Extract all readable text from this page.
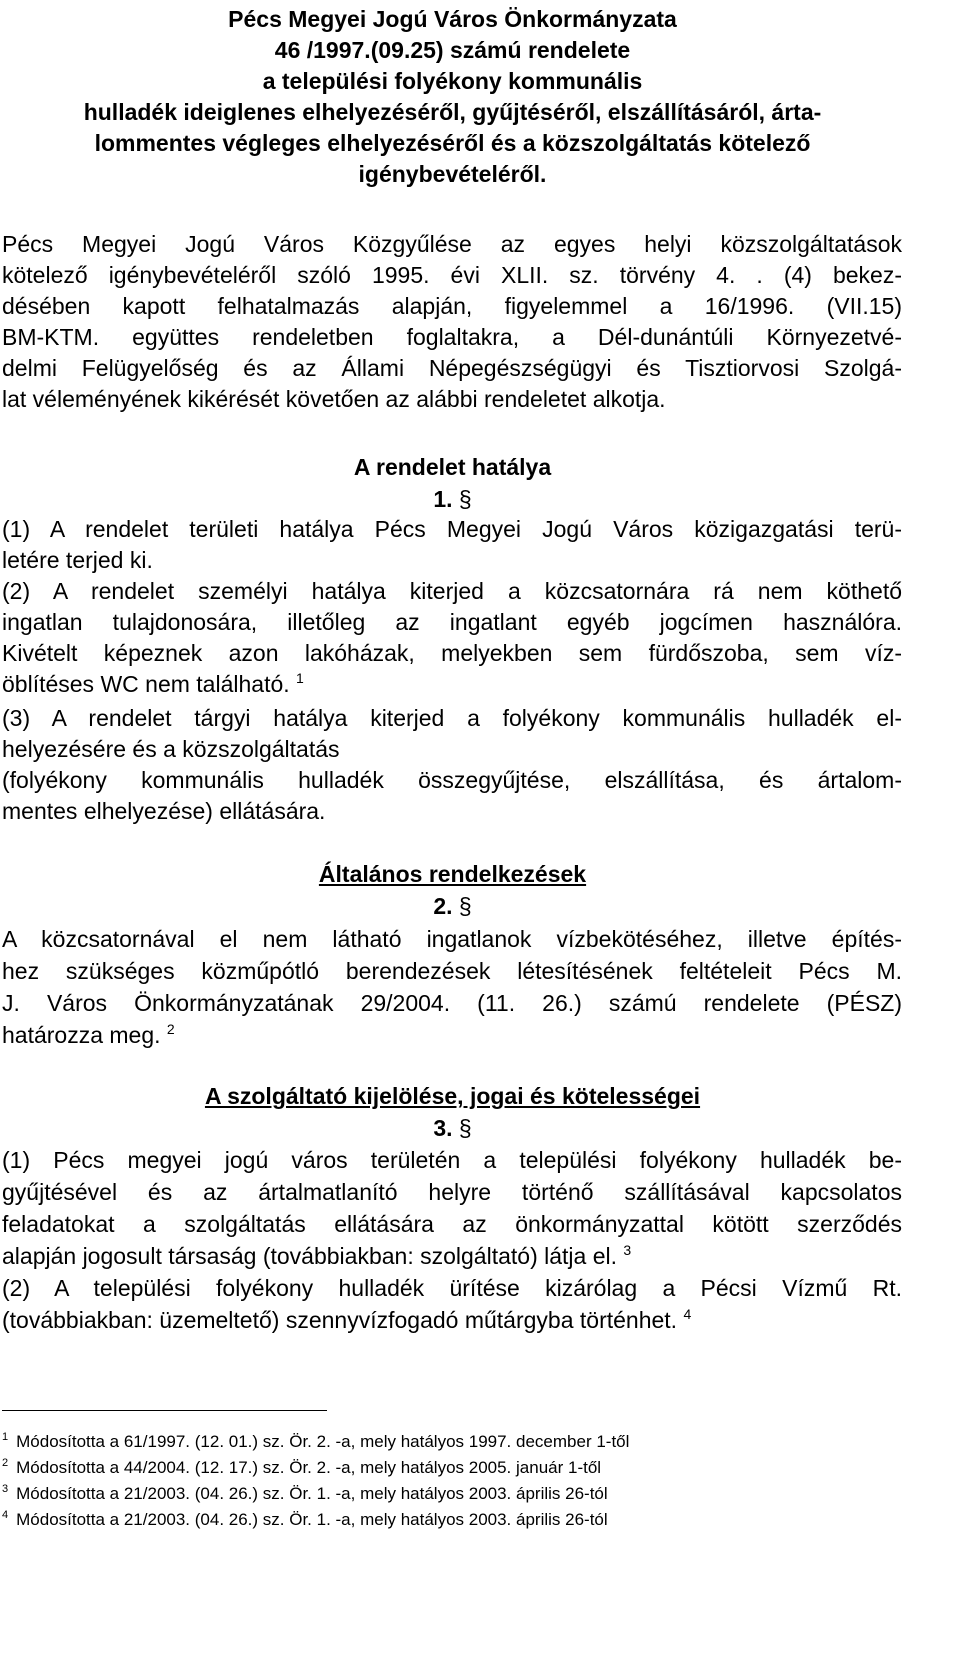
Pécs Megyei Jogú Város Önkormányzata
46 /1997.(09.25) számú rendelete
a települési folyékony kommunális
hulladék ideiglenes elhelyezéséről, gyűjtéséről, elszállításáról, ártа-
lommentes végleges elhelyezéséről és a közszolgáltatás kötelező
igénybevételéről.
Pécs Megyei Jogú Város Közgyűlése az egyes helyi közszolgáltatások
kötelező igénybevételéről szóló 1995. évi XLII. sz. törvény 4. . (4) bekez-
désében kapott felhatalmazás alapján, figyelemmel a 16/1996. (VII.15)
BM-KTM. együttes rendeletben foglaltakra, a Dél-dunántúli Környezetvé-
delmi Felügyelőség és az Állami Népegészségügyi és Tisztiorvosi Szolgá-
lat véleményének kikérését követően az alábbi rendeletet alkotja.
A rendelet hatálya
1. §
(1) A rendelet területi hatálya Pécs Megyei Jogú Város közigazgatási terü-
letére terjed ki.
(2) A rendelet személyi hatálya kiterjed a közcsatornára rá nem köthető
ingatlan tulajdonosára, illetőleg az ingatlant egyéb jogcímen használóra.
Kivételt képeznek azon lakóházak, melyekben sem fürdőszoba, sem víz-
öblítéses WC nem található. $^1$
(3) A rendelet tárgyi hatálya kiterjed a folyékony kommunális hulladék el-
helyezésére és a közszolgáltatás
(folyékony kommunális hulladék összegyűjtése, elszállítása, és ártalom-
mentes elhelyezése) ellátására.
Általános rendelkezések
2. §
A közcsatornával el nem látható ingatlanok vízbekötéséhez, illetve építés-
hez szükséges közműpótló berendezések létesítésének feltételeit Pécs M.
J. Város Önkormányzatának 29/2004. (11. 26.) számú rendelete (PÉSZ)
határozza meg. $^2$
A szolgáltató kijelölése, jogai és kötelességei
3. §
(1) Pécs megyei jogú város területén a települési folyékony hulladék be-
gyűjtésével és az ártalmatlanító helyre történő szállításával kapcsolatos
feladatokat a szolgáltatás ellátására az önkormányzattal kötött szerződés
alapján jogosult társaság (továbbiakban: szolgáltató) látja el. $^3$
(2) A települési folyékony hulladék ürítése kizárólag a Pécsi Vízmű Rt.
(továbbiakban: üzemeltető) szennyvízfogadó műtárgyba történhet. $^4$
$^1$ Módosította a 61/1997. (12. 01.) sz. Ör. 2. -a, mely hatályos 1997. december 1-től
$^2$ Módosította a 44/2004. (12. 17.) sz. Ör. 2. -a, mely hatályos 2005. január 1-től
$^3$ Módosította a 21/2003. (04. 26.) sz. Ör. 1. -a, mely hatályos 2003. április 26-tól
$^4$ Módosította a 21/2003. (04. 26.) sz. Ör. 1. -a, mely hatályos 2003. április 26-tól
